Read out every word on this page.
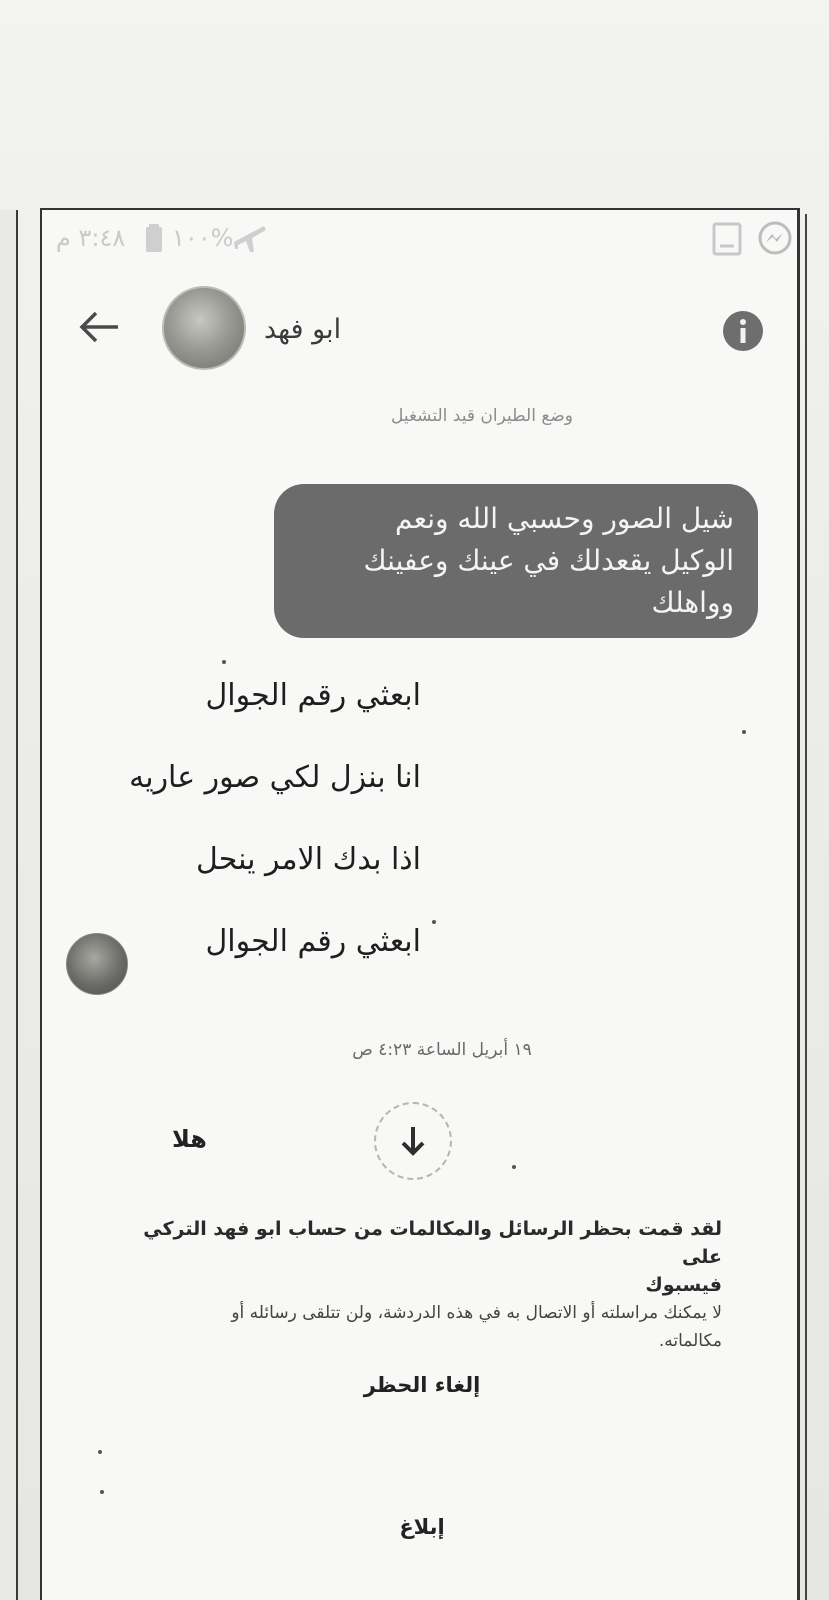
٣:٤٨ م ١٠٠%
ابو فهد
وضع الطيران قيد التشغيل
شيل الصور وحسبي الله ونعم
الوكيل يقعدلك في عينك وعفينك
وواهلك
ابعثي رقم الجوال
انا بنزل لكي صور عاريه
اذا بدك الامر ينحل
ابعثي رقم الجوال
١٩ أبريل الساعة ٤:٢٣ ص
هلا
لقد قمت بحظر الرسائل والمكالمات من حساب ابو فهد التركي على
فيسبوك
لا يمكنك مراسلته أو الاتصال به في هذه الدردشة، ولن تتلقى رسائله أو
مكالماته.
إلغاء الحظر
إبلاغ
